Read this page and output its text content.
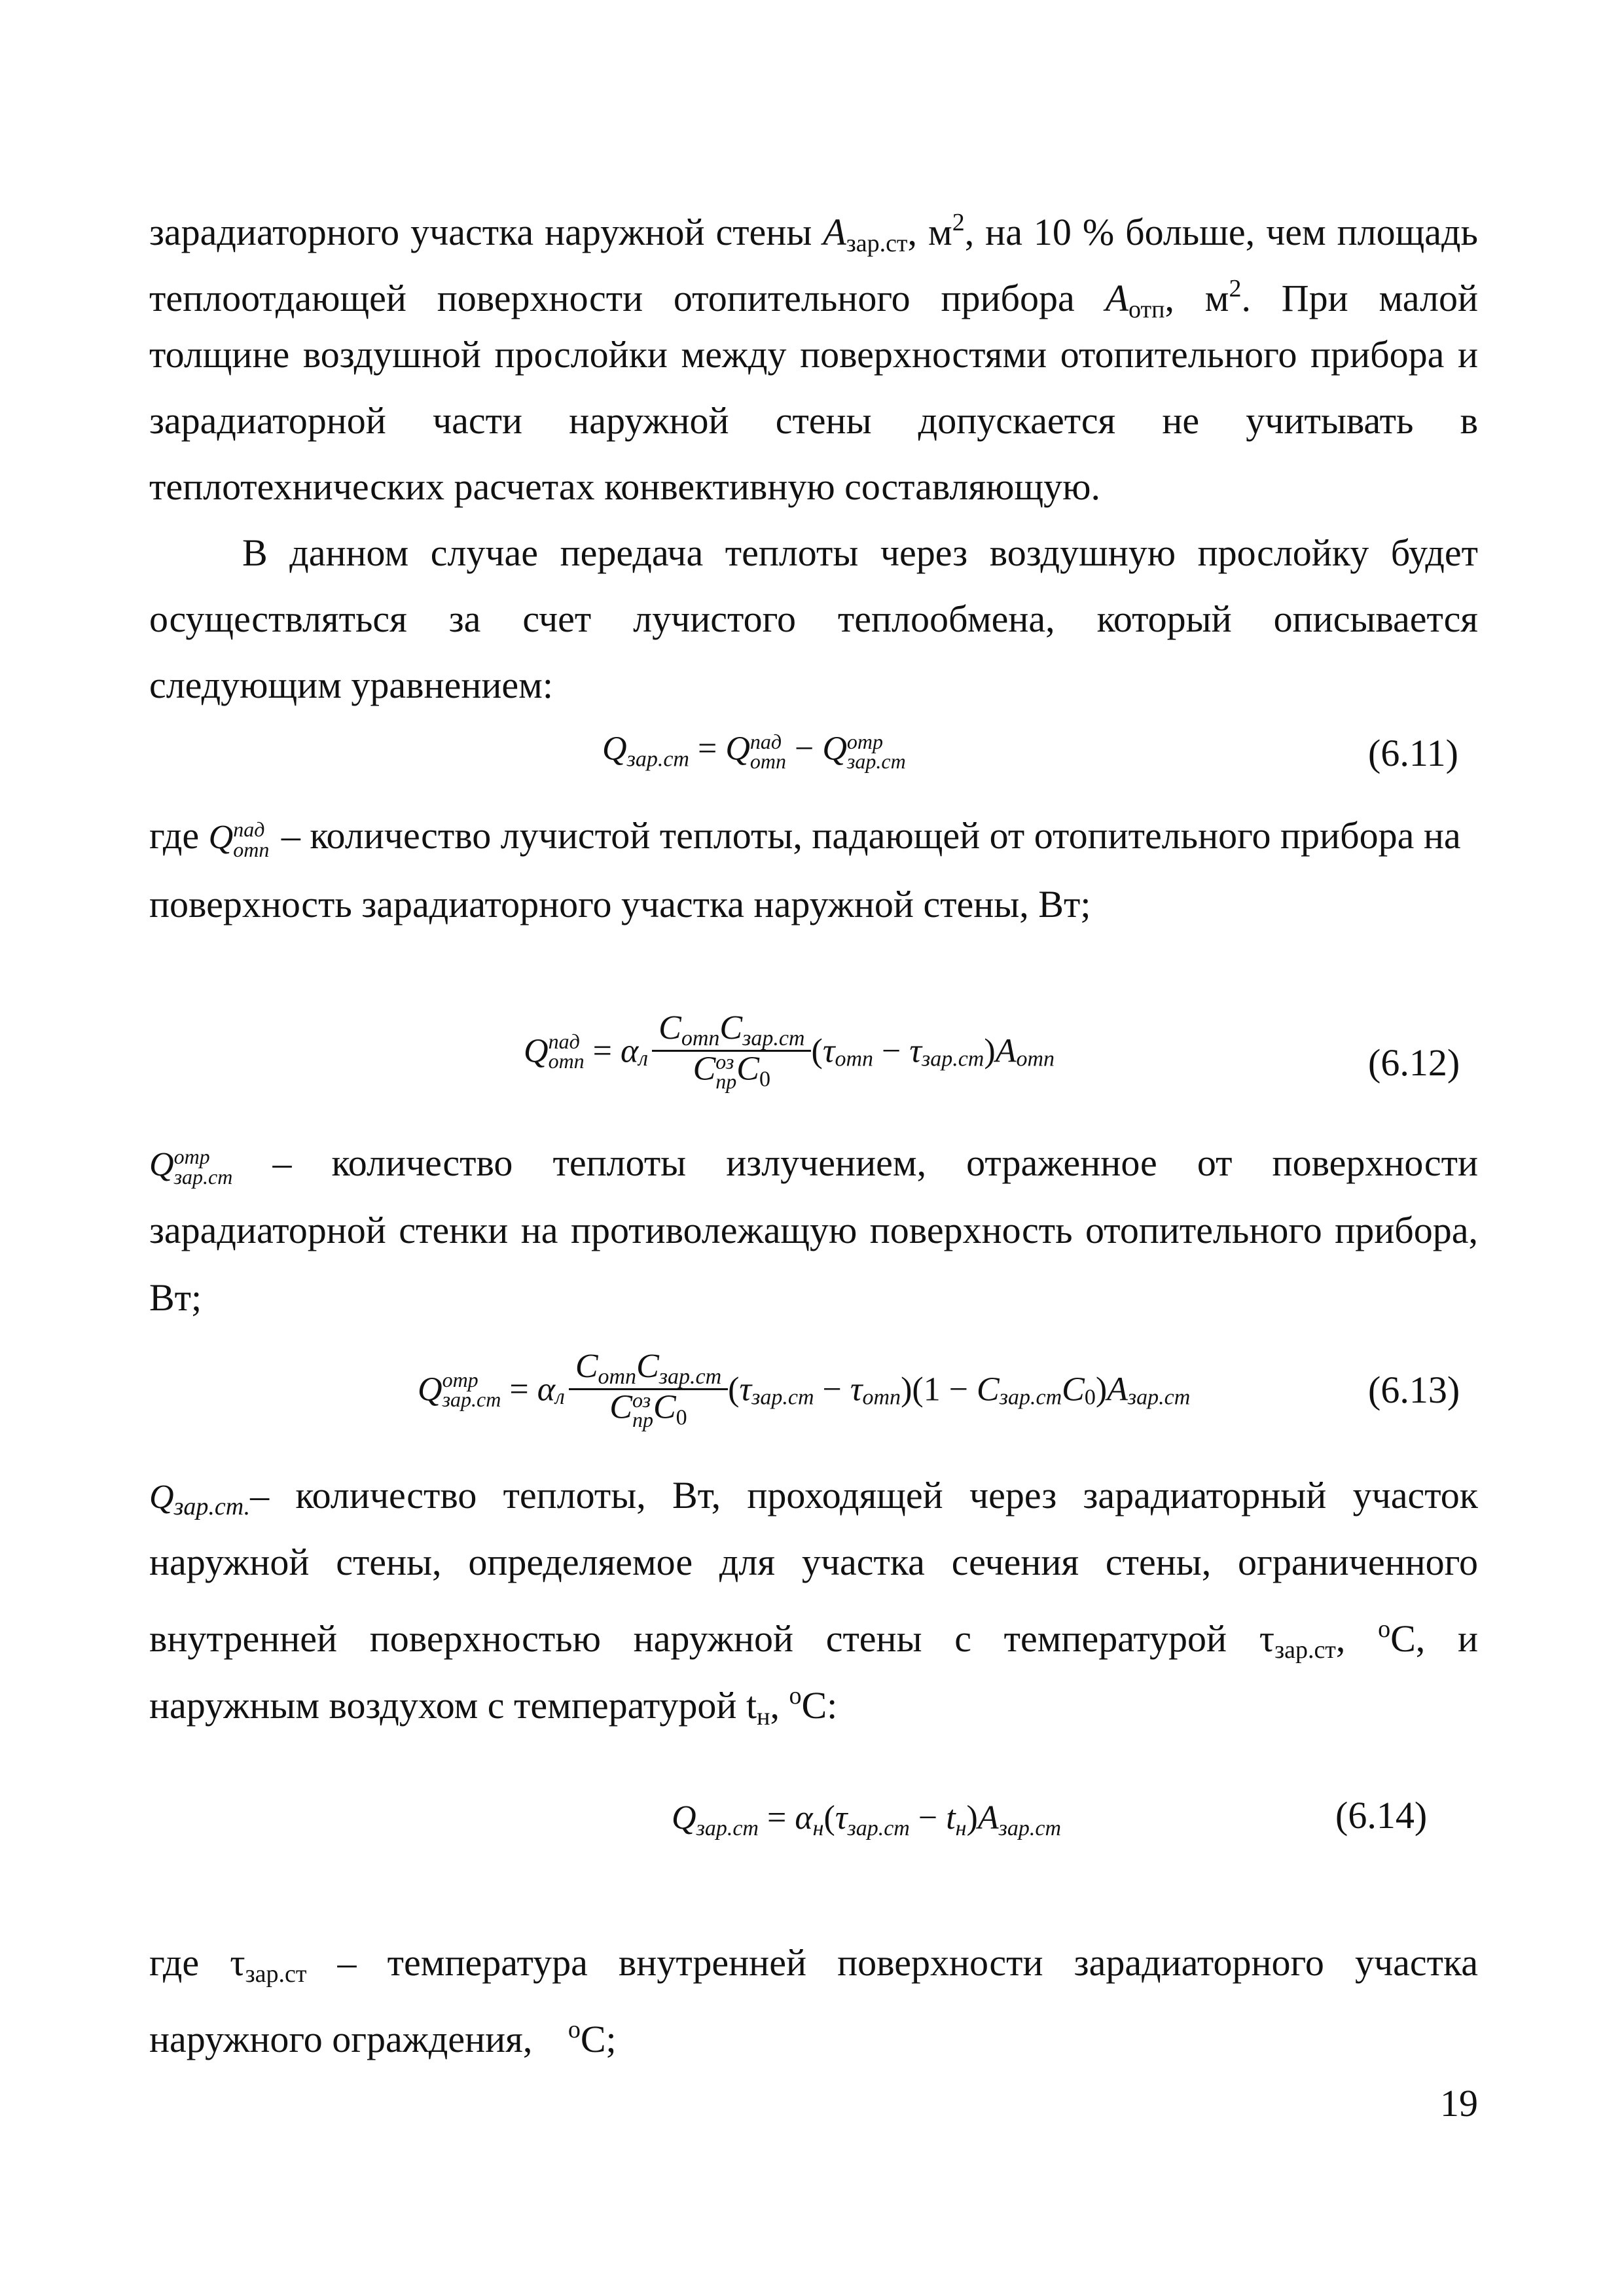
зарадиаторного участка наружной стены $A_{зар.ст}$, $м^2$, на 10 % больше, чем площадь
теплоотдающей поверхности отопительного прибора $A_{отп}$, $м^2$. При малой
толщине воздушной прослойки между поверхностями отопительного прибора и
зарадиаторной части наружной стены допускается не учитывать в
теплотехнических расчетах конвективную составляющую.
В данном случае передача теплоты через воздушную прослойку будет
осуществляться за счет лучистого теплообмена, который описывается
следующим уравнением:
Qзар.ст = Q пад
отп − Q отр
зар.ст	(6.11)
где Q пад
отп – количество лучистой теплоты, падающей от отопительного прибора на
поверхность зарадиаторного участка наружной стены, Вт;
Q пад
отп = αл CотпCзар.ст
C оз
пр C0 (τотп − τзар.ст)Aотп	(6.12)
Q отр
зар.ст – количество теплоты излучением, отраженное от поверхности
зарадиаторной стенки на противолежащую поверхность отопительного прибора,
Вт;
Q отр
зар.ст = αл CотпCзар.ст
C оз
пр C0 (τзар.ст − τотп)(1 − Cзар.стC0)Aзар.ст	(6.13)
$Q_{зар.ст.}-$ количество теплоты, Вт, проходящей через зарадиаторный участок
наружной стены, определяемое для участка сечения стены, ограниченного
внутренней поверхностью наружной стены с температурой $\tau_{зар.ст}$, $^o$С, и
наружным воздухом с температурой $t_н$, $^o$С:
Qзар.ст = αн(τзар.ст − tн)Aзар.ст	(6.14)
где $\tau_{зар.ст}$ – температура внутренней поверхности зарадиаторного участка
наружного ограждения, $^o$С;
19
